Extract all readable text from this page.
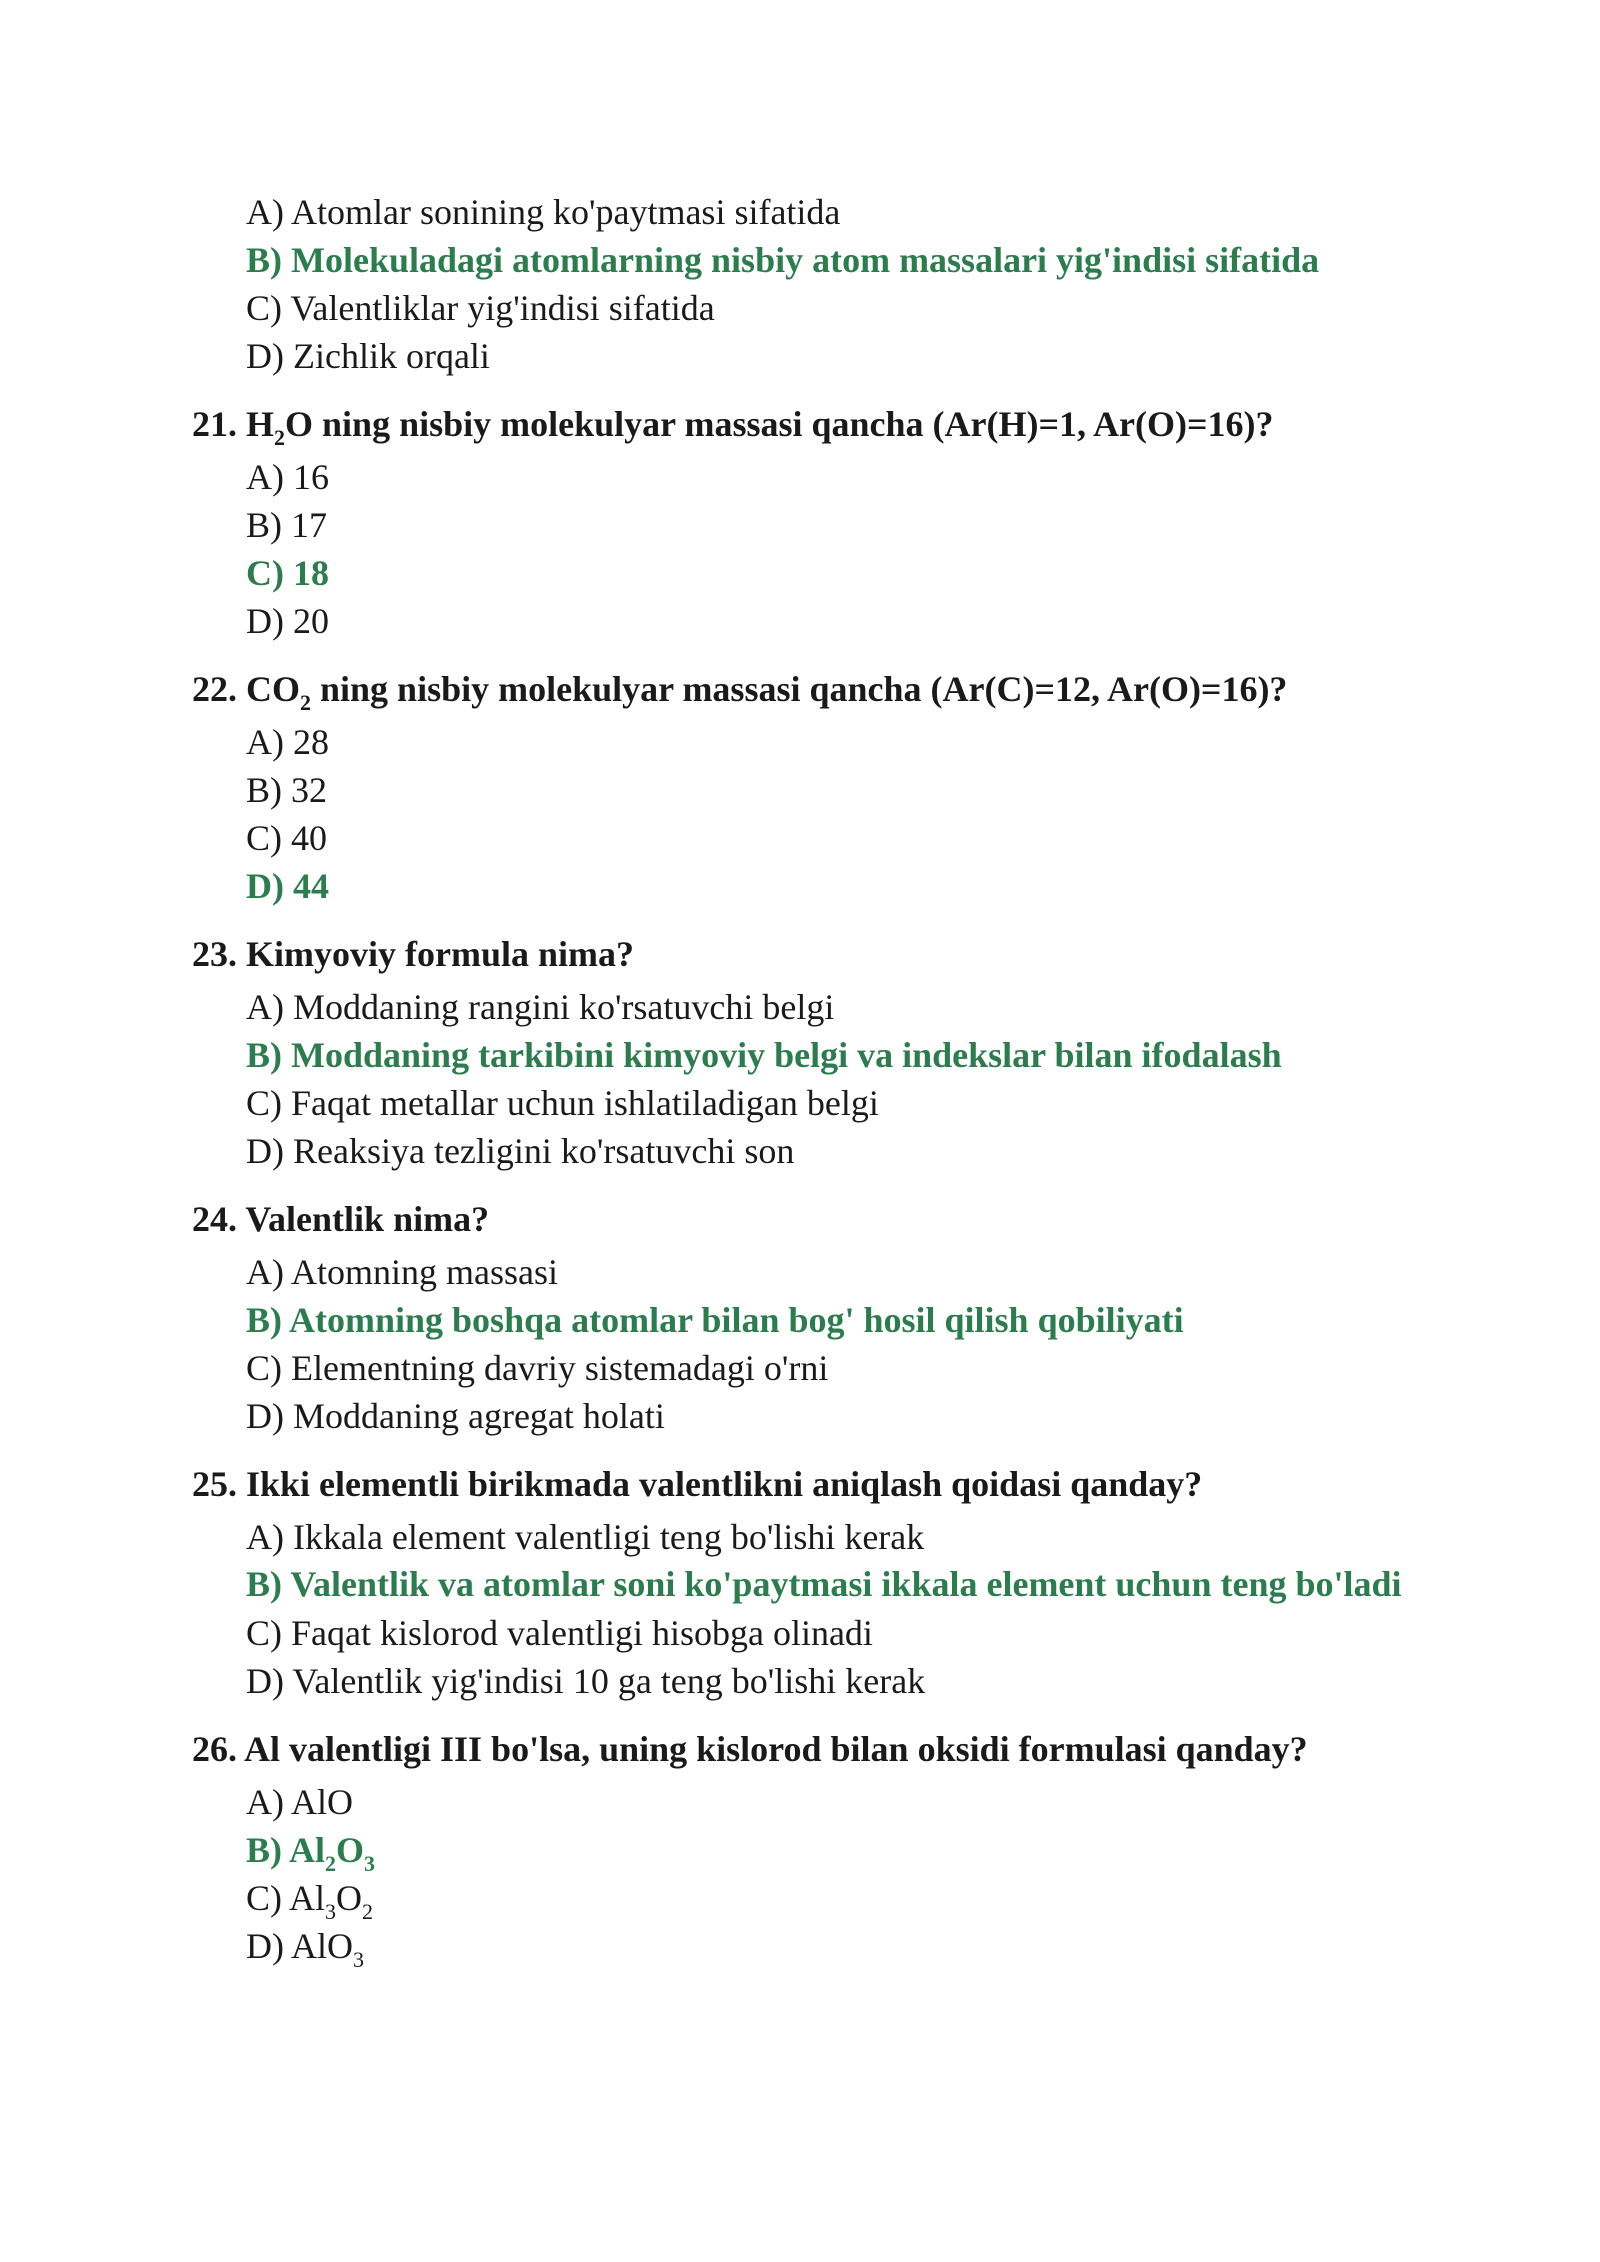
A) Atomlar sonining ko'paytmasi sifatida
B) Molekuladagi atomlarning nisbiy atom massalari yig'indisi sifatida
C) Valentliklar yig'indisi sifatida
D) Zichlik orqali
21. $H_2O$ ning nisbiy molekulyar massasi qancha (Ar(H)=1, Ar(O)=16)?
A) 16
B) 17
C) 18
D) 20
22. $CO_2$ ning nisbiy molekulyar massasi qancha (Ar(C)=12, Ar(O)=16)?
A) 28
B) 32
C) 40
D) 44
23. Kimyoviy formula nima?
A) Moddaning rangini ko'rsatuvchi belgi
B) Moddaning tarkibini kimyoviy belgi va indekslar bilan ifodalash
C) Faqat metallar uchun ishlatiladigan belgi
D) Reaksiya tezligini ko'rsatuvchi son
24. Valentlik nima?
A) Atomning massasi
B) Atomning boshqa atomlar bilan bog' hosil qilish qobiliyati
C) Elementning davriy sistemadagi o'rni
D) Moddaning agregat holati
25. Ikki elementli birikmada valentlikni aniqlash qoidasi qanday?
A) Ikkala element valentligi teng bo'lishi kerak
B) Valentlik va atomlar soni ko'paytmasi ikkala element uchun teng bo'ladi
C) Faqat kislorod valentligi hisobga olinadi
D) Valentlik yig'indisi 10 ga teng bo'lishi kerak
26. Al valentligi III bo'lsa, uning kislorod bilan oksidi formulasi qanday?
A) AlO
B) $Al_2O_3$
C) $Al_3O_2$
D) AlO$_3$
